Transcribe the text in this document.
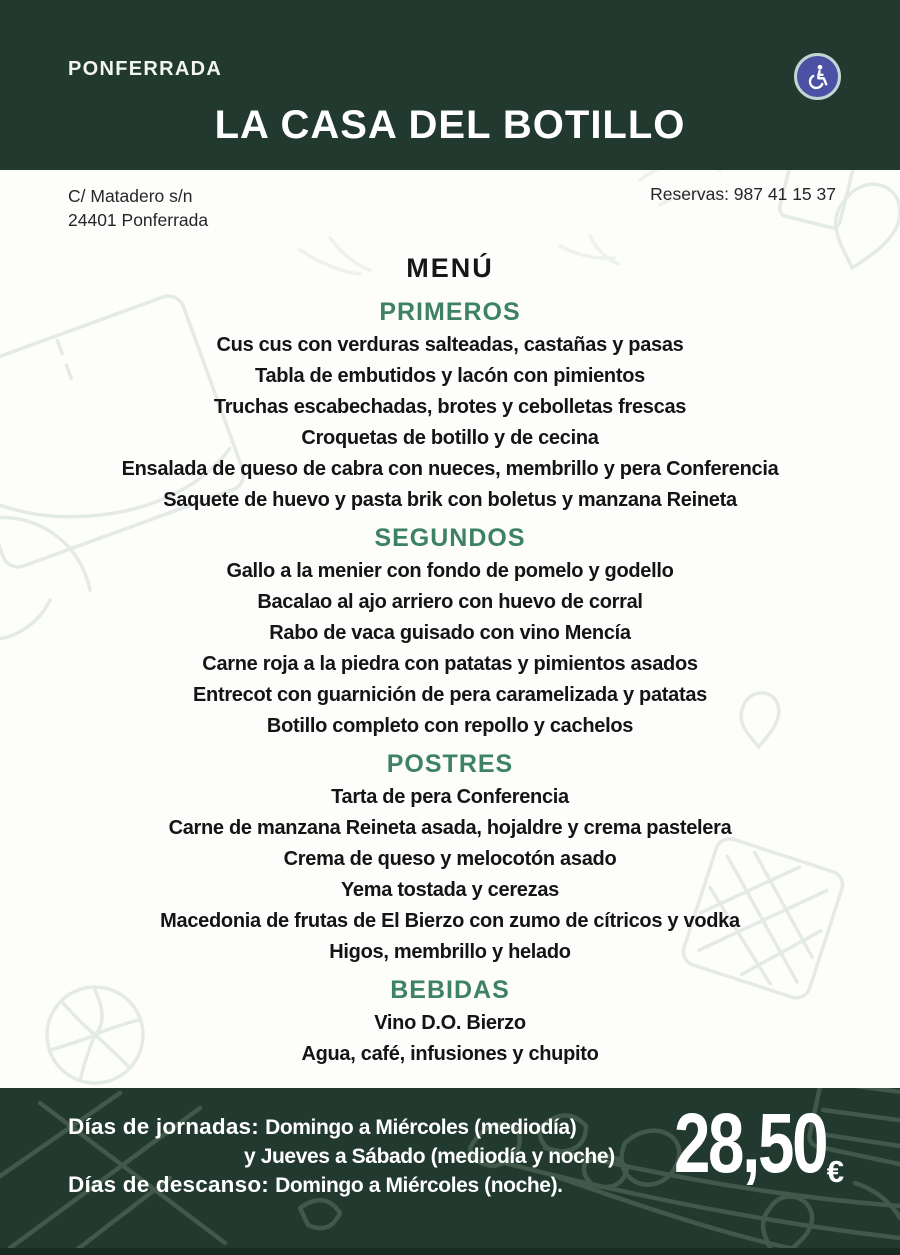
PONFERRADA
LA CASA DEL BOTILLO
C/ Matadero s/n
24401 Ponferrada
Reservas: 987 41 15 37
MENÚ
PRIMEROS

Cus cus con verduras salteadas, castañas y pasas

Tabla de embutidos y lacón con pimientos

Truchas escabechadas, brotes y cebolletas frescas

Croquetas de botillo y de cecina

Ensalada de queso de cabra con nueces, membrillo y pera Conferencia

Saquete de huevo y pasta brik con boletus y manzana Reineta

SEGUNDOS

Gallo a la menier con fondo de pomelo y godello

Bacalao al ajo arriero con huevo de corral

Rabo de vaca guisado con vino Mencía

Carne roja a la piedra con patatas y pimientos asados

Entrecot con guarnición de pera caramelizada y patatas

Botillo completo con repollo y cachelos

POSTRES

Tarta de pera Conferencia

Carne de manzana Reineta asada, hojaldre y crema pastelera

Crema de queso y melocotón asado

Yema tostada y cerezas

Macedonia de frutas de El Bierzo con zumo de cítricos y vodka

Higos, membrillo y helado

BEBIDAS

Vino D.O. Bierzo

Agua, café, infusiones y chupito

Días de jornadas: Domingo a Miércoles (mediodía)
y Jueves a Sábado (mediodía y noche)
Días de descanso: Domingo a Miércoles (noche).	28,50 €
